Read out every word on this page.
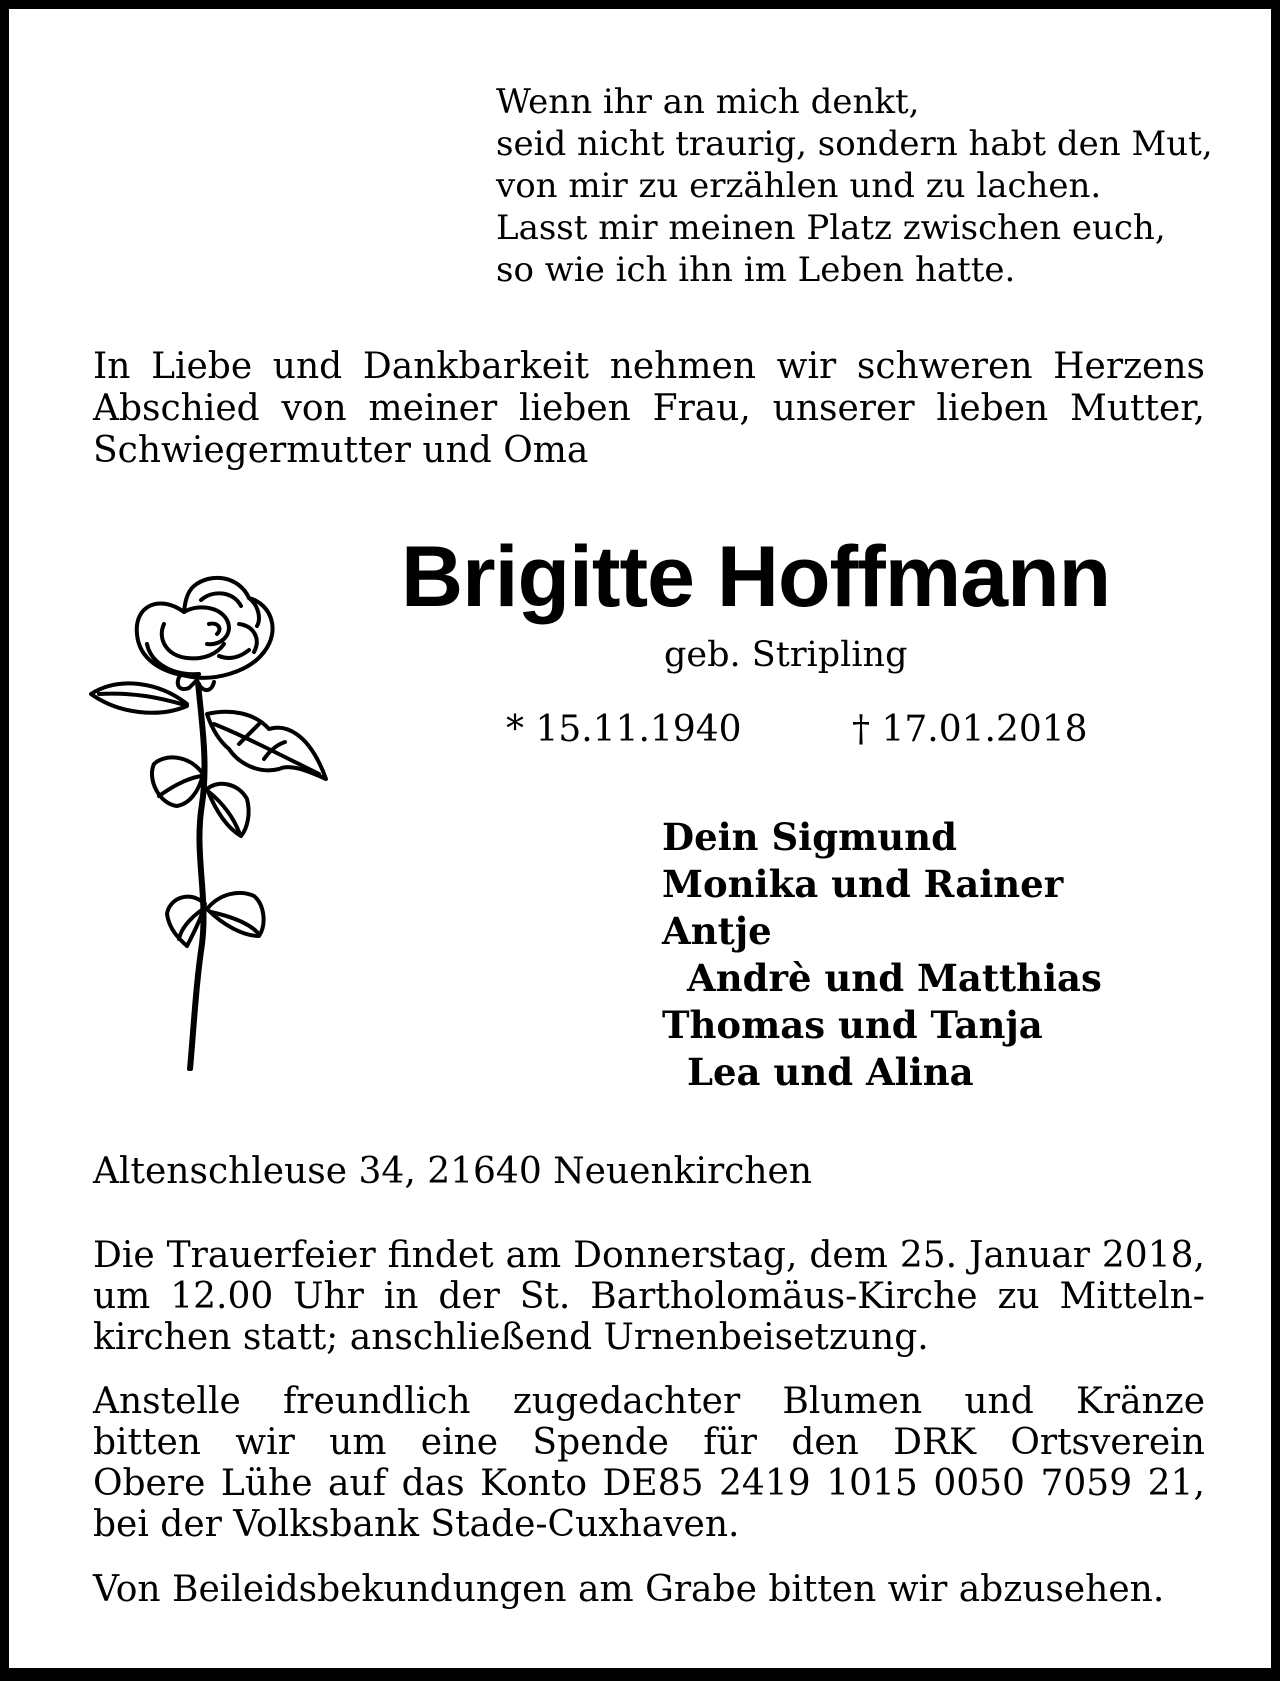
Wenn ihr an mich denkt,
seid nicht traurig, sondern habt den Mut,
von mir zu erzählen und zu lachen.
Lasst mir meinen Platz zwischen euch,
so wie ich ihn im Leben hatte.
In Liebe und Dankbarkeit nehmen wir schweren Herzens
Abschied von meiner lieben Frau, unserer lieben Mutter,
Schwiegermutter und Oma
Brigitte Hoffmann
geb. Stripling
* 15.11.1940	† 17.01.2018
Dein Sigmund
Monika und Rainer
Antje
Andrè und Matthias
Thomas und Tanja
Lea und Alina
Altenschleuse 34, 21640 Neuenkirchen
Die Trauerfeier findet am Donnerstag, dem 25. Januar 2018,
um 12.00 Uhr in der St. Bartholomäus-Kirche zu Mitteln-
kirchen statt; anschließend Urnenbeisetzung.
Anstelle freundlich zugedachter Blumen und Kränze
bitten wir um eine Spende für den DRK Ortsverein
Obere Lühe auf das Konto DE85 2419 1015 0050 7059 21,
bei der Volksbank Stade-Cuxhaven.
Von Beileidsbekundungen am Grabe bitten wir abzusehen.
